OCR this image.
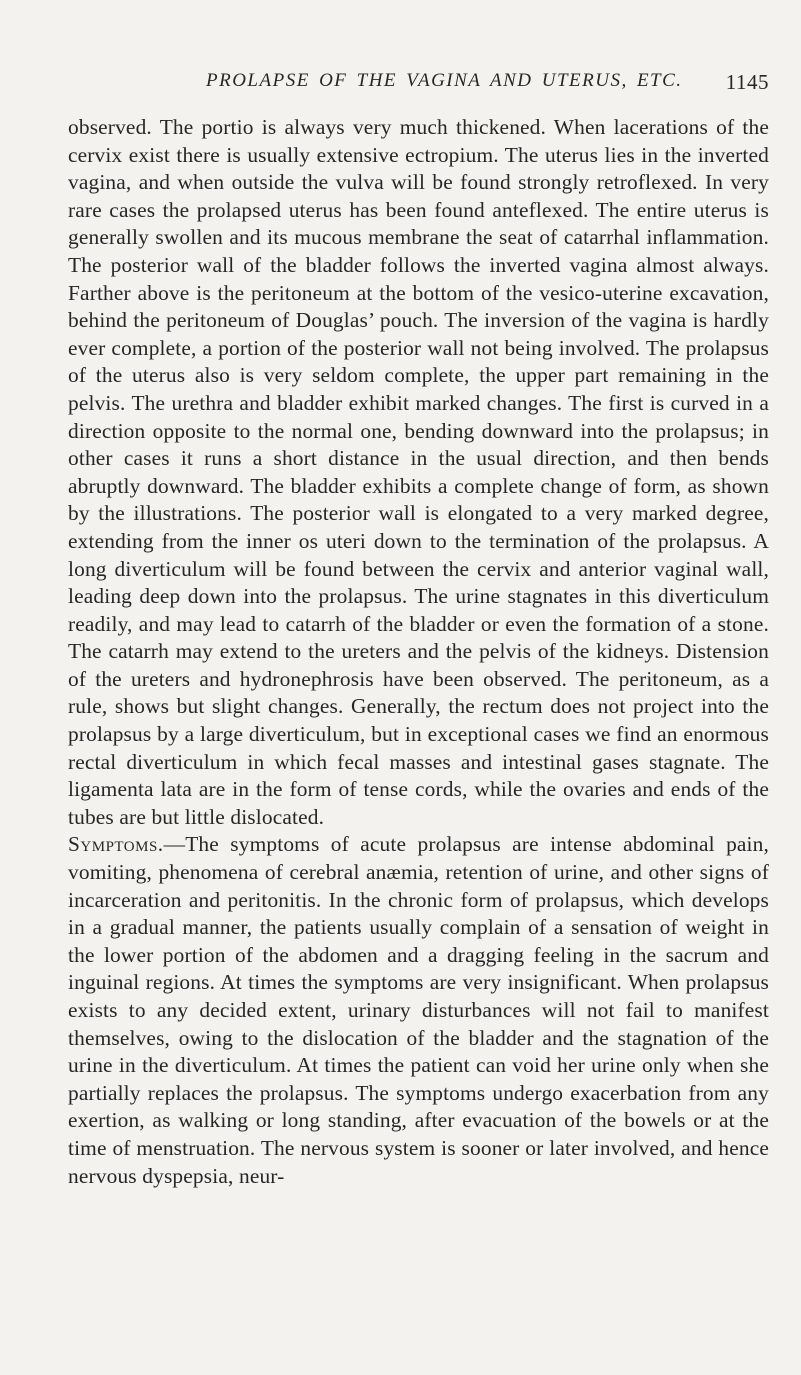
PROLAPSE OF THE VAGINA AND UTERUS, ETC. 1145

observed. The portio is always very much thickened. When lacerations of the cervix exist there is usually extensive ectropium. The uterus lies in the inverted vagina, and when outside the vulva will be found strongly retroflexed. In very rare cases the prolapsed uterus has been found anteflexed. The entire uterus is generally swollen and its mucous membrane the seat of catarrhal inflammation. The posterior wall of the bladder follows the inverted vagina almost always. Farther above is the peritoneum at the bottom of the vesico-uterine excavation, behind the peritoneum of Douglas’ pouch. The inversion of the vagina is hardly ever complete, a portion of the posterior wall not being involved. The prolapsus of the uterus also is very seldom complete, the upper part remaining in the pelvis. The urethra and bladder exhibit marked changes. The first is curved in a direction opposite to the normal one, bending downward into the prolapsus; in other cases it runs a short distance in the usual direction, and then bends abruptly downward. The bladder exhibits a complete change of form, as shown by the illustrations. The posterior wall is elongated to a very marked degree, extending from the inner os uteri down to the termination of the prolapsus. A long diverticulum will be found between the cervix and anterior vaginal wall, leading deep down into the prolapsus. The urine stagnates in this diverticulum readily, and may lead to catarrh of the bladder or even the formation of a stone. The catarrh may extend to the ureters and the pelvis of the kidneys. Distension of the ureters and hydronephrosis have been observed. The peritoneum, as a rule, shows but slight changes. Generally, the rectum does not project into the prolapsus by a large diverticulum, but in exceptional cases we find an enormous rectal diverticulum in which fecal masses and intestinal gases stagnate. The ligamenta lata are in the form of tense cords, while the ovaries and ends of the tubes are but little dislocated.

Symptoms.—The symptoms of acute prolapsus are intense abdominal pain, vomiting, phenomena of cerebral anæmia, retention of urine, and other signs of incarceration and peritonitis. In the chronic form of prolapsus, which develops in a gradual manner, the patients usually complain of a sensation of weight in the lower portion of the abdomen and a dragging feeling in the sacrum and inguinal regions. At times the symptoms are very insignificant. When prolapsus exists to any decided extent, urinary disturbances will not fail to manifest themselves, owing to the dislocation of the bladder and the stagnation of the urine in the diverticulum. At times the patient can void her urine only when she partially replaces the prolapsus. The symptoms undergo exacerbation from any exertion, as walking or long standing, after evacuation of the bowels or at the time of menstruation. The nervous system is sooner or later involved, and hence nervous dyspepsia, neur-
